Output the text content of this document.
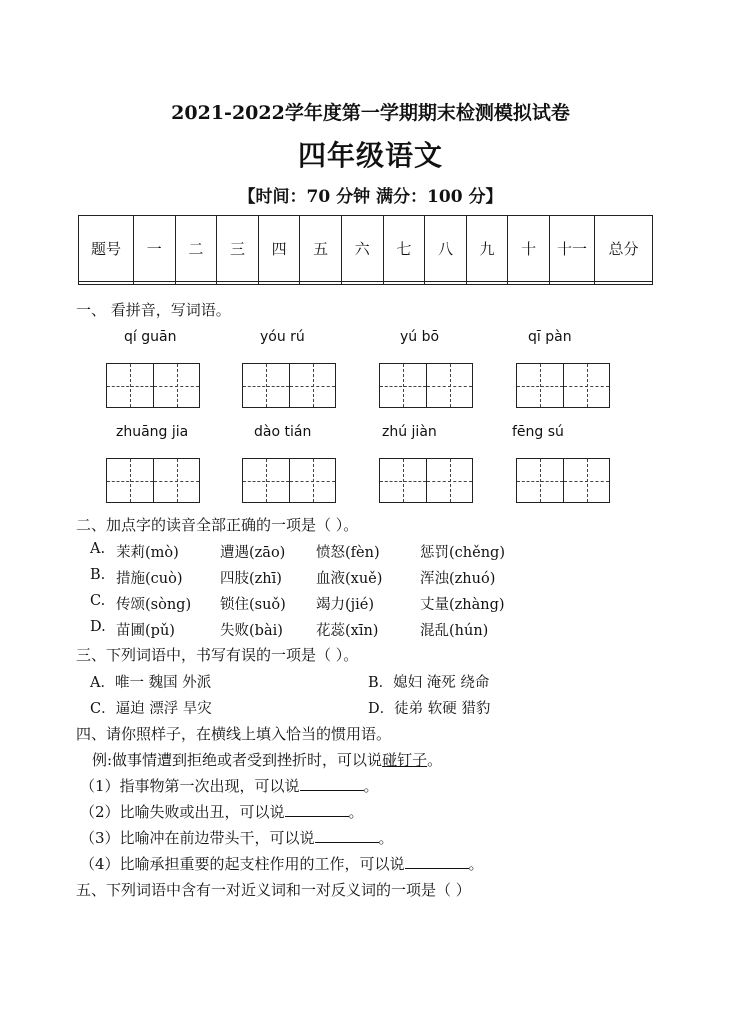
2021-2022学年度第一学期期末检测模拟试卷
四年级语文
【时间：70 分钟 满分：100 分】
题号	一	二	三	四	五	六	七	八	九	十	十一	总分

一、 看拼音，写词语。
qí guān	yóu rú	yú bō	qī pàn
zhuāng jia	dào tián	zhú jiàn	fēng sú
二、加点字的读音全部正确的一项是（ ）。
A. 茉莉(mò)	遭遇(zāo) 愤怒(fèn)	惩罚(chěng)
B. 措施(cuò)	四肢(zhī) 血液(xuě)	浑浊(zhuó)
C. 传颂(sòng) 锁住(suǒ) 竭力(jié)	丈量(zhàng)
D. 苗圃(pǔ)	失败(bài) 花蕊(xīn)	混乱(hún)
三、下列词语中，书写有误的一项是（ ）。
A．唯一 魏国 外派	B．媳妇 淹死 绕命
C．逼迫 漂浮 旱灾	D．徒弟 软硬 猎豹
四、请你照样子，在横线上填入恰当的惯用语。
例:做事情遭到拒绝或者受到挫折时，可以说碰钉子。
（1）指事物第一次出现，可以说	。
（2）比喻失败或出丑，可以说	。
（3）比喻冲在前边带头干，可以说	。
（4）比喻承担重要的起支柱作用的工作，可以说	。
五、下列词语中含有一对近义词和一对反义词的一项是（ ）
